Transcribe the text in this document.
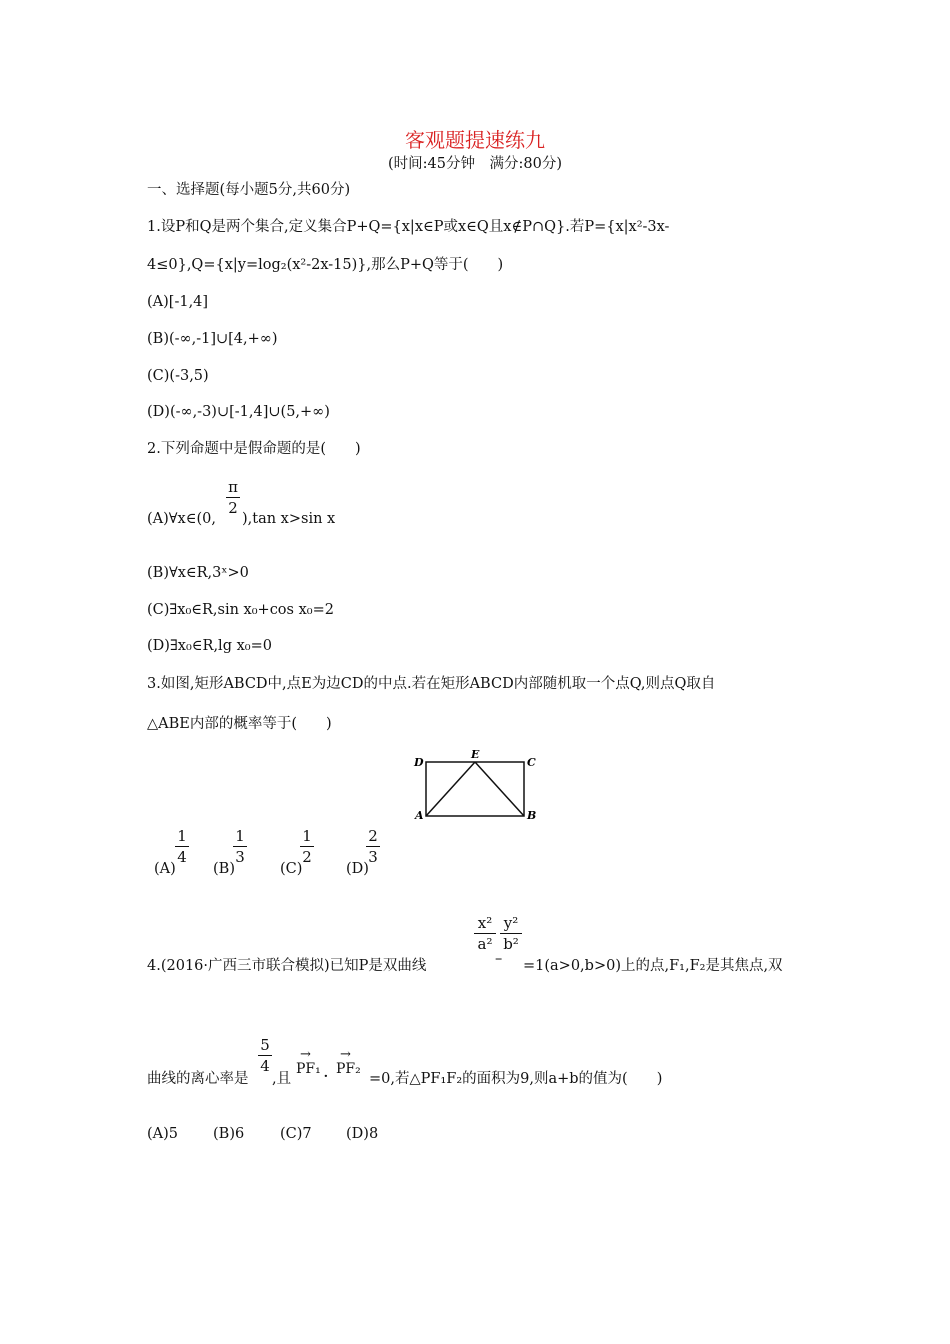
客观题提速练九
(时间:45分钟　满分:80分)
一、选择题(每小题5分,共60分)
1.设P和Q是两个集合,定义集合P+Q={x|x∈P或x∈Q且x∉P∩Q}.若P={x|x²-3x-
4≤0},Q={x|y=log₂(x²-2x-15)},那么P+Q等于(　　)
(A)[-1,4]
(B)(-∞,-1]∪[4,+∞)
(C)(-3,5)
(D)(-∞,-3)∪[-1,4]∪(5,+∞)
2.下列命题中是假命题的是(　　)
(A)∀x∈(0,
π
2
),tan x>sin x
(B)∀x∈R,3ˣ>0
(C)∃x₀∈R,sin x₀+cos x₀=2
(D)∃x₀∈R,lg x₀=0
3.如图,矩形ABCD中,点E为边CD的中点.若在矩形ABCD内部随机取一个点Q,则点Q取自
△ABE内部的概率等于(　　)
D
E
C
A	B
(A)
1
4
(B)
1
3
(C)
1
2
(D)
2
3
4.(2016·广西三市联合模拟)已知P是双曲线
x²
a²
–
y²
b²
=1(a>0,b>0)上的点,F₁,F₂是其焦点,双
曲线的离心率是
5
4
,且
→
PF₁ ·
→
PF₂
=0,若△PF₁F₂的面积为9,则a+b的值为(　　)
(A)5 (B)6 (C)7 (D)8
